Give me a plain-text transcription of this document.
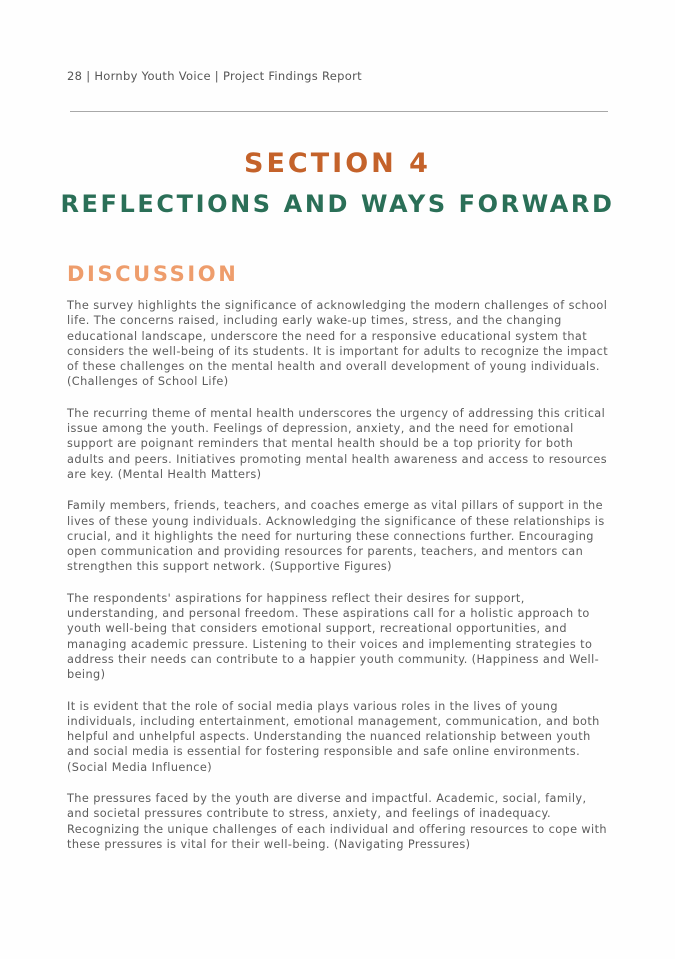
28 | Hornby Youth Voice | Project Findings Report
SECTION 4
REFLECTIONS AND WAYS FORWARD
DISCUSSION

The survey highlights the significance of acknowledging the modern challenges of school life. The concerns raised, including early wake-up times, stress, and the changing educational landscape, underscore the need for a responsive educational system that considers the well-being of its students. It is important for adults to recognize the impact of these challenges on the mental health and overall development of young individuals. (Challenges of School Life)

The recurring theme of mental health underscores the urgency of addressing this critical issue among the youth. Feelings of depression, anxiety, and the need for emotional support are poignant reminders that mental health should be a top priority for both adults and peers. Initiatives promoting mental health awareness and access to resources are key. (Mental Health Matters)

Family members, friends, teachers, and coaches emerge as vital pillars of support in the lives of these young individuals. Acknowledging the significance of these relationships is crucial, and it highlights the need for nurturing these connections further. Encouraging open communication and providing resources for parents, teachers, and mentors can strengthen this support network. (Supportive Figures)

The respondents' aspirations for happiness reflect their desires for support, understanding, and personal freedom. These aspirations call for a holistic approach to youth well-being that considers emotional support, recreational opportunities, and managing academic pressure. Listening to their voices and implementing strategies to address their needs can contribute to a happier youth community. (Happiness and Well-being)

It is evident that the role of social media plays various roles in the lives of young individuals, including entertainment, emotional management, communication, and both helpful and unhelpful aspects. Understanding the nuanced relationship between youth and social media is essential for fostering responsible and safe online environments. (Social Media Influence)

The pressures faced by the youth are diverse and impactful. Academic, social, family, and societal pressures contribute to stress, anxiety, and feelings of inadequacy. Recognizing the unique challenges of each individual and offering resources to cope with these pressures is vital for their well-being. (Navigating Pressures)
